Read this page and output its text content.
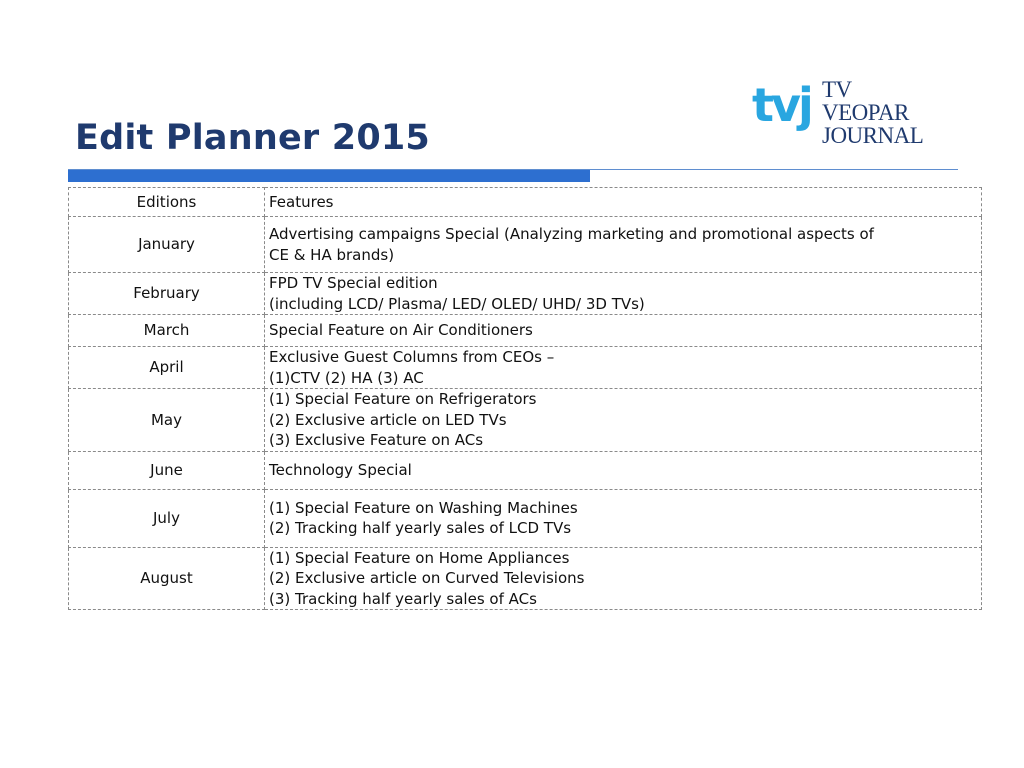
Edit Planner 2015
tvj TV
VEOPAR
JOURNAL
Editions	Features
January	Advertising campaigns Special (Analyzing marketing and promotional aspects of
CE & HA brands)

February	FPD TV Special edition
(including LCD/ Plasma/ LED/ OLED/ UHD/ 3D TVs)

March	Special Feature on Air Conditioners

April	Exclusive Guest Columns from CEOs –
(1)CTV (2) HA (3) AC

May	(1) Special Feature on Refrigerators
(2) Exclusive article on LED TVs
(3) Exclusive Feature on ACs

June	Technology Special

July	(1) Special Feature on Washing Machines
(2) Tracking half yearly sales of LCD TVs

August	(1) Special Feature on Home Appliances
(2) Exclusive article on Curved Televisions
(3) Tracking half yearly sales of ACs
